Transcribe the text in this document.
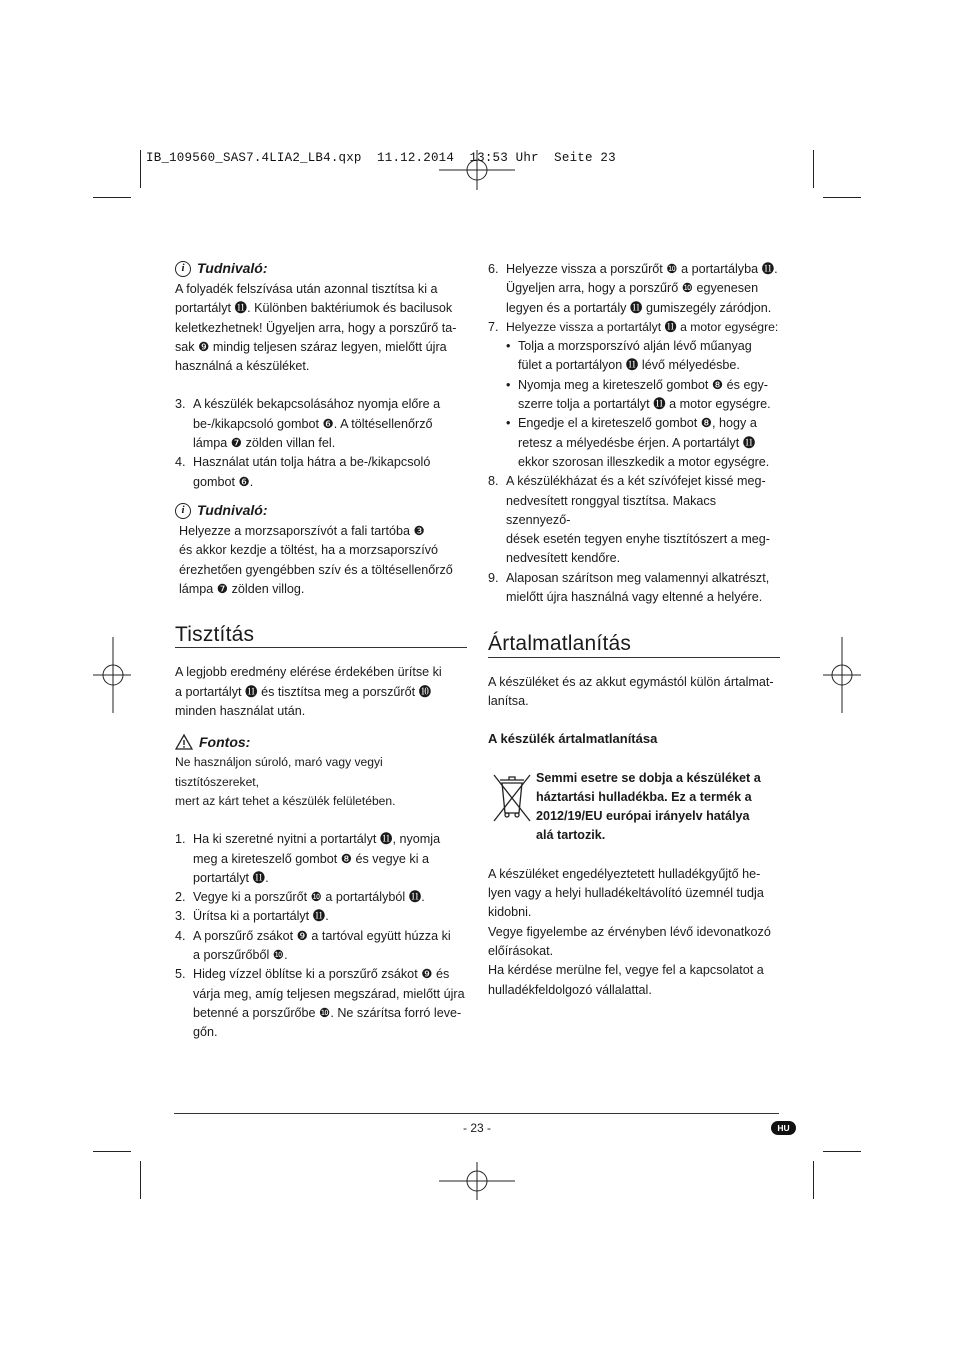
IB_109560_SAS7.4LIA2_LB4.qxp  11.12.2014  13:53 Uhr  Seite 23
i Tudnivaló:

A folyadék felszívása után azonnal tisztítsa ki a

portartályt ⓫. Különben baktériumok és bacilusok

keletkezhetnek! Ügyeljen arra, hogy a porszűrő ta-

sak ❾ mindig teljesen száraz legyen, mielőtt újra

használná a készüléket.

3. A készülék bekapcsolásához nyomja előre a

be-/kikapcsoló gombot ❻. A töltésellenőrző

lámpa ❼ zölden villan fel.

4. Használat után tolja hátra a be-/kikapcsoló

gombot ❻.

i Tudnivaló:

Helyezze a morzsaporszívót a fali tartóba ❸

és akkor kezdje a töltést, ha a morzsaporszívó

érezhetően gyengébben szív és a töltésellenőrző

lámpa ❼ zölden villog.

Tisztítás

A legjobb eredmény elérése érdekében ürítse ki

a portartályt ⓫ és tisztítsa meg a porszűrőt ❿

minden használat után.

Fontos:

Ne használjon súroló, maró vagy vegyi tisztítószereket,

mert az kárt tehet a készülék felületében.

1. Ha ki szeretné nyitni a portartályt ⓫, nyomja

meg a kireteszelő gombot ❽ és vegye ki a

portartályt ⓫.

2. Vegye ki a porszűrőt ❿ a portartályból ⓫.

3. Ürítsa ki a portartályt ⓫.

4. A porszűrő zsákot ❾ a tartóval együtt húzza ki

a porszűrőből ❿.

5. Hideg vízzel öblítse ki a porszűrő zsákot ❾ és

várja meg, amíg teljesen megszárad, mielőtt újra

betenné a porszűrőbe ❿. Ne szárítsa forró leve-

gőn.

6. Helyezze vissza a porszűrőt ❿ a portartályba ⓫.

Ügyeljen arra, hogy a porszűrő ❿ egyenesen

legyen és a portartály ⓫ gumiszegély záródjon.

7. Helyezze vissza a portartályt ⓫ a motor egységre:

• Tolja a morzsporszívó alján lévő műanyag

fület a portartályon ⓫ lévő mélyedésbe.

• Nyomja meg a kireteszelő gombot ❽ és egy-

szerre tolja a portartályt ⓫ a motor egységre.

• Engedje el a kireteszelő gombot ❽, hogy a

retesz a mélyedésbe érjen. A portartályt ⓫

ekkor szorosan illeszkedik a motor egységre.

8. A készülékházat és a két szívófejet kissé meg-

nedvesített ronggyal tisztítsa. Makacs szennyező-

dések esetén tegyen enyhe tisztítószert a meg-

nedvesített kendőre.

9. Alaposan szárítson meg valamennyi alkatrészt,

mielőtt újra használná vagy eltenné a helyére.

Ártalmatlanítás

A készüléket és az akkut egymástól külön ártalmat-

lanítsa.

A készülék ártalmatlanítása

Semmi esetre se dobja a készüléket a

háztartási hulladékba. Ez a termék a

2012/19/EU európai irányelv hatálya

alá tartozik.

A készüléket engedélyeztetett hulladékgyűjtő he-

lyen vagy a helyi hulladékeltávolító üzemnél tudja

kidobni.

Vegye figyelembe az érvényben lévő idevonatkozó

előírásokat.

Ha kérdése merülne fel, vegye fel a kapcsolatot a

hulladékfeldolgozó vállalattal.

- 23 -	HU
